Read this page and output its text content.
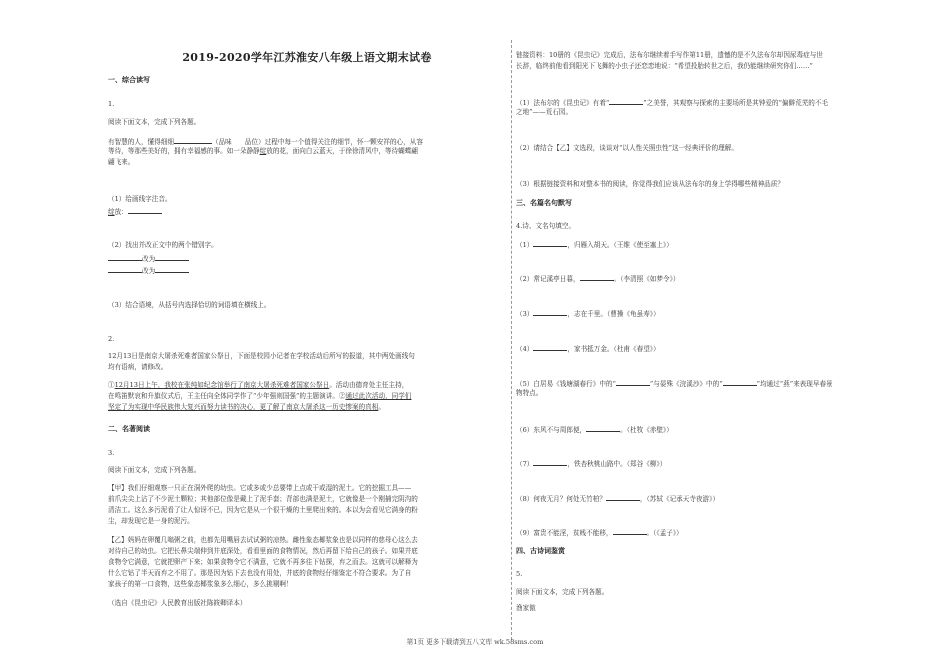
2019-2020学年江苏淮安八年级上语文期末试卷
一、综合读写
1.
阅读下面文本，完成下列各题。
有智慧的人，懂得细细	（品味　　品位）过程中每一个值得关注的细节，怀一颗安祥的心，从容
等待，等那些美好的，拥有幸福感的事。如一朵静静绽放的花，面向白云蓝天，于徐徐清风中，等待蝴蝶翩
翩飞来。
（1）给画线字注音。
绽放：
（2）找出并改正文中的两个错别字。
改为
改为
（3）结合语境，从括号内选择恰切的词语填在横线上。
2.
12月13日是南京大屠杀死难者国家公祭日，下面是校园小记者在学校活动后所写的报道，其中两处画线句
均有语病，请修改。
①12月13日上午，我校在张纯如纪念馆举行了南京大屠杀死难者国家公祭日。活动由德育处主任主持，
在鸣笛默哀和升旗仪式后，王主任向全体同学作了“少年强则国强”的主题演讲。②通过此次活动，同学们
坚定了为实现中华民族伟大复兴而努力读书的决心，更了解了南京大屠杀这一历史惨案的真相。
二、名著阅读
3.
阅读下面文本，完成下列各题。
【甲】我们仔细观察一只正在洞外爬的幼虫。它或多或少总要带上点或干或湿的泥土。它的挖掘工具——
前爪尖尖上沾了不少泥土颗粒；其他部位像是戴上了泥手套；背部也满是泥土，它就像是一个刚捕完阴沟的
清洁工。这么多污泥看了让人惊讶不已，因为它是从一个很干燥的土里爬出来的。本以为会看见它满身的粉
尘，却发现它是一身的泥污。
【乙】妈妈在卵覆几嗡粥之前，也都先用嘴唇去试试粥的凉热。雌性象态椰浆象也是以同样的慈母心这么去
对待自己的幼虫。它把长鼻尖端伸到井底深处，看看里面的食物情况，然后再留下给自己的孩子。如果井底
食物令它满意，它就把卵产下来；如果食物令它不满意，它就不再多往下钻探，弃之而去。这就可以解释为
什么它钻了半天而弃之不用了。那是因为钻下去也没有用处，井底的食物经仔细鉴定不符合要求。为了自
家孩子的第一口食物，这些象态椰浆象多么细心，多么挑剔啊！
（选自《昆虫记》人民教育出版社陈筱卿译本）
链接资料：10册的《昆虫记》完成后，法布尔继续着手写作第11册，遗憾的是不久法布尔却因尿毒症与世
长辞，临终前他看到阳光下飞舞的小虫子还恋恋地说：“希望投胎转世之后，我仍能继续研究你们……”
（1）法布尔的《昆虫记》有着“	”之美誉，其观察与探索的主要场所是其钟爱的“偏僻荒芜的不毛
之地”——荒石园。
（2）请结合【乙】文选段，谈谈对“以人性关照虫性”这一经典评价的理解。
（3）根据链接资料和对整本书的阅读，你觉得我们应该从法布尔的身上学得哪些精神品质？
三、名篇名句默写
4.诗、文名句填空。
（1）	，归雁入胡天。（王维《使至塞上》）
（2）常记溪亭日暮，	。（李清照《如梦令》）
（3）	，志在千里。（曹操《龟虽寿》）
（4）	，家书抵万金。（杜甫《春望》）
（5）白居易《钱塘湖春行》中的“	”与晏殊《浣溪沙》中的“	”均通过“燕”来表现早春景
物特点。
（6）东风不与周郎便，	。（杜牧《赤壁》）
（7）	，铁杏秋桃山路中。（郑谷《柳》）
（8）何夜无月？何处无竹柏？	，（苏轼《记承天寺夜游》）
（9）富贵不能淫，贫贱不能移，	。（《孟子》）
四、古诗词鉴赏
5.
阅读下面文本，完成下列各题。
渔家傲
第1页 更多下载请到五八文库 wk.58sms.com
